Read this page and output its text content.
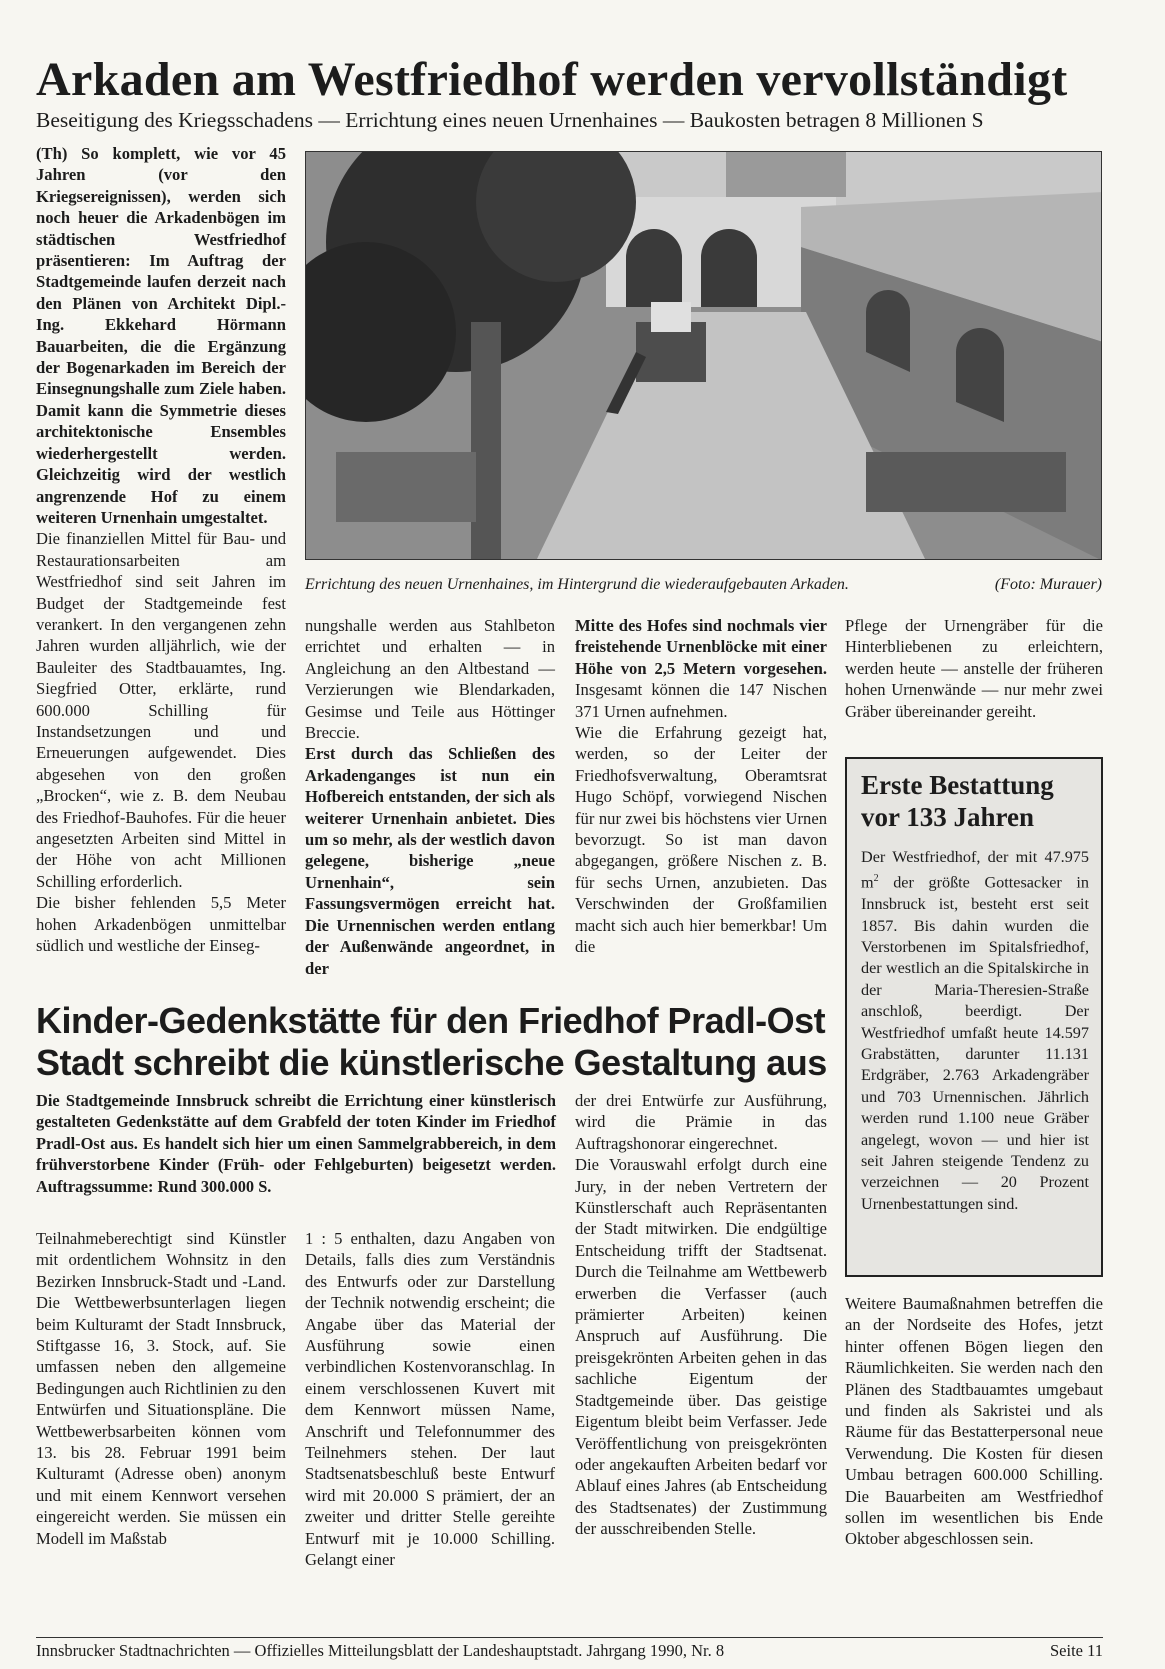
Arkaden am Westfriedhof werden vervollständigt
Beseitigung des Kriegsschadens — Errichtung eines neuen Urnenhaines — Baukosten betragen 8 Millionen S

(Th) So komplett, wie vor 45 Jahren (vor den Kriegsereignissen), werden sich noch heuer die Arkadenbögen im städtischen Westfriedhof präsentieren: Im Auftrag der Stadtgemeinde laufen derzeit nach den Plänen von Architekt Dipl.-Ing. Ekkehard Hörmann Bauarbeiten, die die Ergänzung der Bogenarkaden im Bereich der Einsegnungshalle zum Ziele haben. Damit kann die Symmetrie dieses architektonische Ensembles wiederhergestellt werden. Gleichzeitig wird der westlich angrenzende Hof zu einem weiteren Urnenhain umgestaltet.

Die finanziellen Mittel für Bau- und Restaurationsarbeiten am Westfriedhof sind seit Jahren im Budget der Stadtgemeinde fest verankert. In den vergangenen zehn Jahren wurden alljährlich, wie der Bauleiter des Stadtbauamtes, Ing. Siegfried Otter, erklärte, rund 600.000 Schilling für Instandsetzungen und und Erneuerungen aufgewendet. Dies abgesehen von den großen „Brocken“, wie z. B. dem Neubau des Friedhof-Bauhofes. Für die heuer angesetzten Arbeiten sind Mittel in der Höhe von acht Millionen Schilling erforderlich.

Die bisher fehlenden 5,5 Meter hohen Arkadenbögen unmittelbar südlich und westliche der Einseg-

Errichtung des neuen Urnenhaines, im Hintergrund die wiederaufgebauten Arkaden.	(Foto: Murauer)

nungshalle werden aus Stahlbeton errichtet und erhalten — in Angleichung an den Altbestand — Verzierungen wie Blendarkaden, Gesimse und Teile aus Höttinger Breccie.

Erst durch das Schließen des Arkadenganges ist nun ein Hofbereich entstanden, der sich als weiterer Urnenhain anbietet. Dies um so mehr, als der westlich davon gelegene, bisherige „neue Urnenhain“, sein Fassungsvermögen erreicht hat. Die Urnennischen werden entlang der Außenwände angeordnet, in der

Mitte des Hofes sind nochmals vier freistehende Urnenblöcke mit einer Höhe von 2,5 Metern vorgesehen. Insgesamt können die 147 Nischen 371 Urnen aufnehmen.

Wie die Erfahrung gezeigt hat, werden, so der Leiter der Friedhofsverwaltung, Oberamtsrat Hugo Schöpf, vorwiegend Nischen für nur zwei bis höchstens vier Urnen bevorzugt. So ist man davon abgegangen, größere Nischen z. B. für sechs Urnen, anzubieten. Das Verschwinden der Großfamilien macht sich auch hier bemerkbar! Um die

Pflege der Urnengräber für die Hinterbliebenen zu erleichtern, werden heute — anstelle der früheren hohen Urnenwände — nur mehr zwei Gräber übereinander gereiht.

Erste Bestattung
vor 133 Jahren
Der Westfriedhof, der mit 47.975 $m^2$ der größte Gottesacker in Innsbruck ist, besteht erst seit 1857. Bis dahin wurden die Verstorbenen im Spitalsfriedhof, der westlich an die Spitalskirche in der Maria-Theresien-Straße anschloß, beerdigt. Der Westfriedhof umfaßt heute 14.597 Grabstätten, darunter 11.131 Erdgräber, 2.763 Arkadengräber und 703 Urnennischen. Jährlich werden rund 1.100 neue Gräber angelegt, wovon — und hier ist seit Jahren steigende Tendenz zu verzeichnen — 20 Prozent Urnenbestattungen sind.

Weitere Baumaßnahmen betreffen die an der Nordseite des Hofes, jetzt hinter offenen Bögen liegen den Räumlichkeiten. Sie werden nach den Plänen des Stadtbauamtes umgebaut und finden als Sakristei und als Räume für das Bestatterpersonal neue Verwendung. Die Kosten für diesen Umbau betragen 600.000 Schilling. Die Bauarbeiten am Westfriedhof sollen im wesentlichen bis Ende Oktober abgeschlossen sein.

Kinder-Gedenkstätte für den Friedhof Pradl-Ost
Stadt schreibt die künstlerische Gestaltung aus
Die Stadtgemeinde Innsbruck schreibt die Errichtung einer künstlerisch gestalteten Gedenkstätte auf dem Grabfeld der toten Kinder im Friedhof Pradl-Ost aus. Es handelt sich hier um einen Sammelgrabbereich, in dem frühverstorbene Kinder (Früh- oder Fehlgeburten) beigesetzt werden. Auftragssumme: Rund 300.000 S.

Teilnahmeberechtigt sind Künstler mit ordentlichem Wohnsitz in den Bezirken Innsbruck-Stadt und -Land. Die Wettbewerbsunterlagen liegen beim Kulturamt der Stadt Innsbruck, Stiftgasse 16, 3. Stock, auf. Sie umfassen neben den allgemeine Bedingungen auch Richtlinien zu den Entwürfen und Situationspläne. Die Wettbewerbsarbeiten können vom 13. bis 28. Februar 1991 beim Kulturamt (Adresse oben) anonym und mit einem Kennwort versehen eingereicht werden. Sie müssen ein Modell im Maßstab

1 : 5 enthalten, dazu Angaben von Details, falls dies zum Verständnis des Entwurfs oder zur Darstellung der Technik notwendig erscheint; die Angabe über das Material der Ausführung sowie einen verbindlichen Kostenvoranschlag. In einem verschlossenen Kuvert mit dem Kennwort müssen Name, Anschrift und Telefonnummer des Teilnehmers stehen. Der laut Stadtsenatsbeschluß beste Entwurf wird mit 20.000 S prämiert, der an zweiter und dritter Stelle gereihte Entwurf mit je 10.000 Schilling. Gelangt einer

der drei Entwürfe zur Ausführung, wird die Prämie in das Auftragshonorar eingerechnet.

Die Vorauswahl erfolgt durch eine Jury, in der neben Vertretern der Künstlerschaft auch Repräsentanten der Stadt mitwirken. Die endgültige Entscheidung trifft der Stadtsenat. Durch die Teilnahme am Wettbewerb erwerben die Verfasser (auch prämierter Arbeiten) keinen Anspruch auf Ausführung. Die preisgekrönten Arbeiten gehen in das sachliche Eigentum der Stadtgemeinde über. Das geistige Eigentum bleibt beim Verfasser. Jede Veröffentlichung von preisgekrönten oder angekauften Arbeiten bedarf vor Ablauf eines Jahres (ab Entscheidung des Stadtsenates) der Zustimmung der ausschreibenden Stelle.

Innsbrucker Stadtnachrichten — Offizielles Mitteilungsblatt der Landeshauptstadt. Jahrgang 1990, Nr. 8	Seite 11
